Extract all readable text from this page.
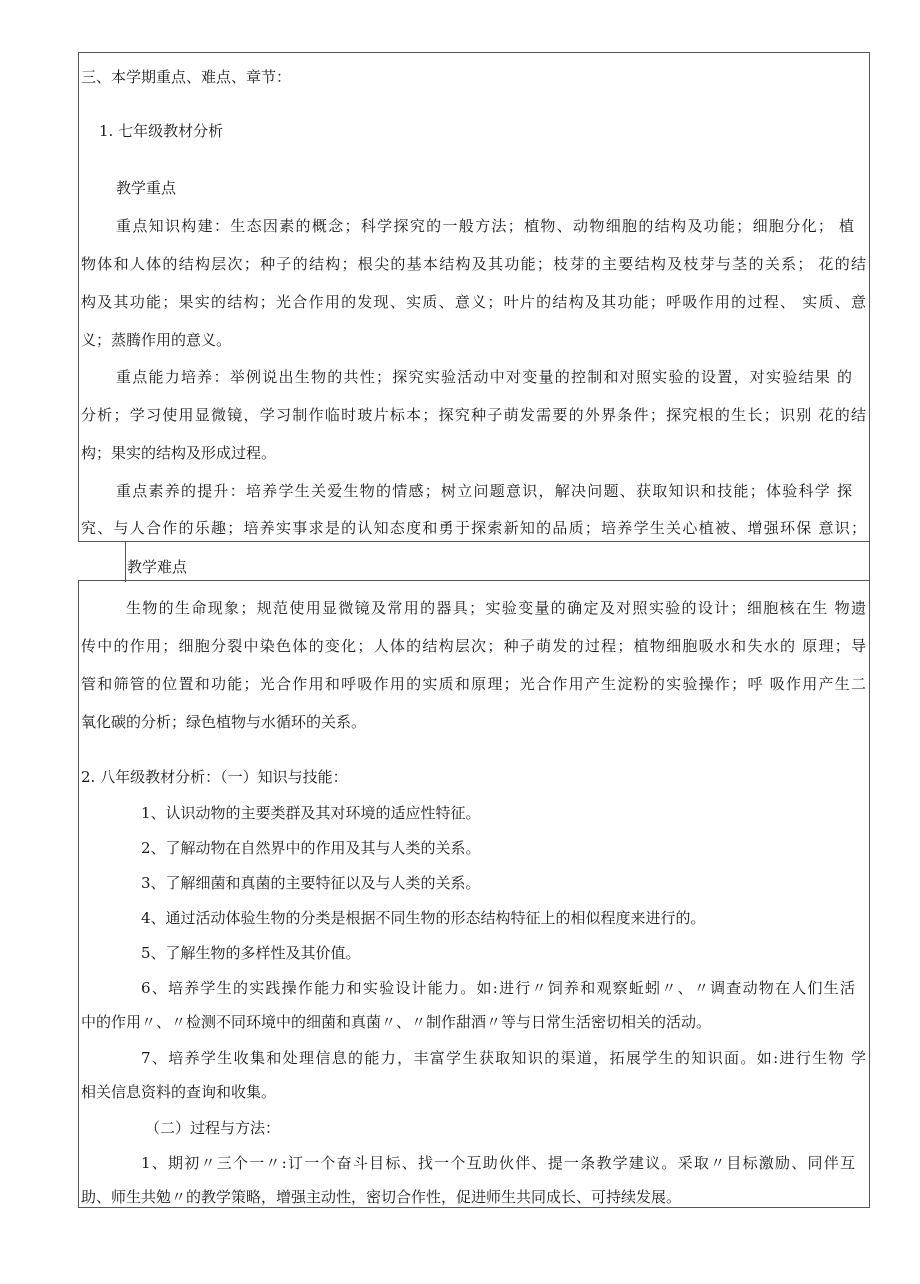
三、本学期重点、难点、章节：
1. 七年级教材分析
教学重点
重点知识构建：生态因素的概念；科学探究的一般方法；植物、动物细胞的结构及功能；细胞分化； 植
物体和人体的结构层次；种子的结构；根尖的基本结构及其功能；枝芽的主要结构及枝芽与茎的关系； 花的结
构及其功能；果实的结构；光合作用的发现、实质、意义；叶片的结构及其功能；呼吸作用的过程、 实质、意
义；蒸腾作用的意义。
重点能力培养：举例说出生物的共性；探究实验活动中对变量的控制和对照实验的设置，对实验结果 的
分析；学习使用显微镜，学习制作临时玻片标本；探究种子萌发需要的外界条件；探究根的生长；识别 花的结
构；果实的结构及形成过程。
重点素养的提升：培养学生关爱生物的情感；树立问题意识，解决问题、获取知识和技能；体验科学 探
究、与人合作的乐趣；培养实事求是的认知态度和勇于探索新知的品质；培养学生关心植被、增强环保 意识；
教学难点
生物的生命现象；规范使用显微镜及常用的器具；实验变量的确定及对照实验的设计；细胞核在生 物遗
传中的作用；细胞分裂中染色体的变化；人体的结构层次；种子萌发的过程；植物细胞吸水和失水的 原理；导
管和筛管的位置和功能；光合作用和呼吸作用的实质和原理；光合作用产生淀粉的实验操作；呼 吸作用产生二
氧化碳的分析；绿色植物与水循环的关系。
2. 八年级教材分析：（一）知识与技能：
1、认识动物的主要类群及其对环境的适应性特征。
2、了解动物在自然界中的作用及其与人类的关系。
3、了解细菌和真菌的主要特征以及与人类的关系。
4、通过活动体验生物的分类是根据不同生物的形态结构特征上的相似程度来进行的。
5、了解生物的多样性及其价值。
6、培养学生的实践操作能力和实验设计能力。如:进行〃饲养和观察蚯蚓〃、〃调查动物在人们生活
中的作用〃、〃检测不同环境中的细菌和真菌〃、〃制作甜酒〃等与日常生活密切相关的活动。
7、培养学生收集和处理信息的能力，丰富学生获取知识的渠道，拓展学生的知识面。如:进行生物 学
相关信息资料的查询和收集。
（二）过程与方法：
1、期初〃三个一〃:订一个奋斗目标、找一个互助伙伴、提一条教学建议。采取〃目标激励、同伴互
助、师生共勉〃的教学策略，增强主动性，密切合作性，促进师生共同成长、可持续发展。
